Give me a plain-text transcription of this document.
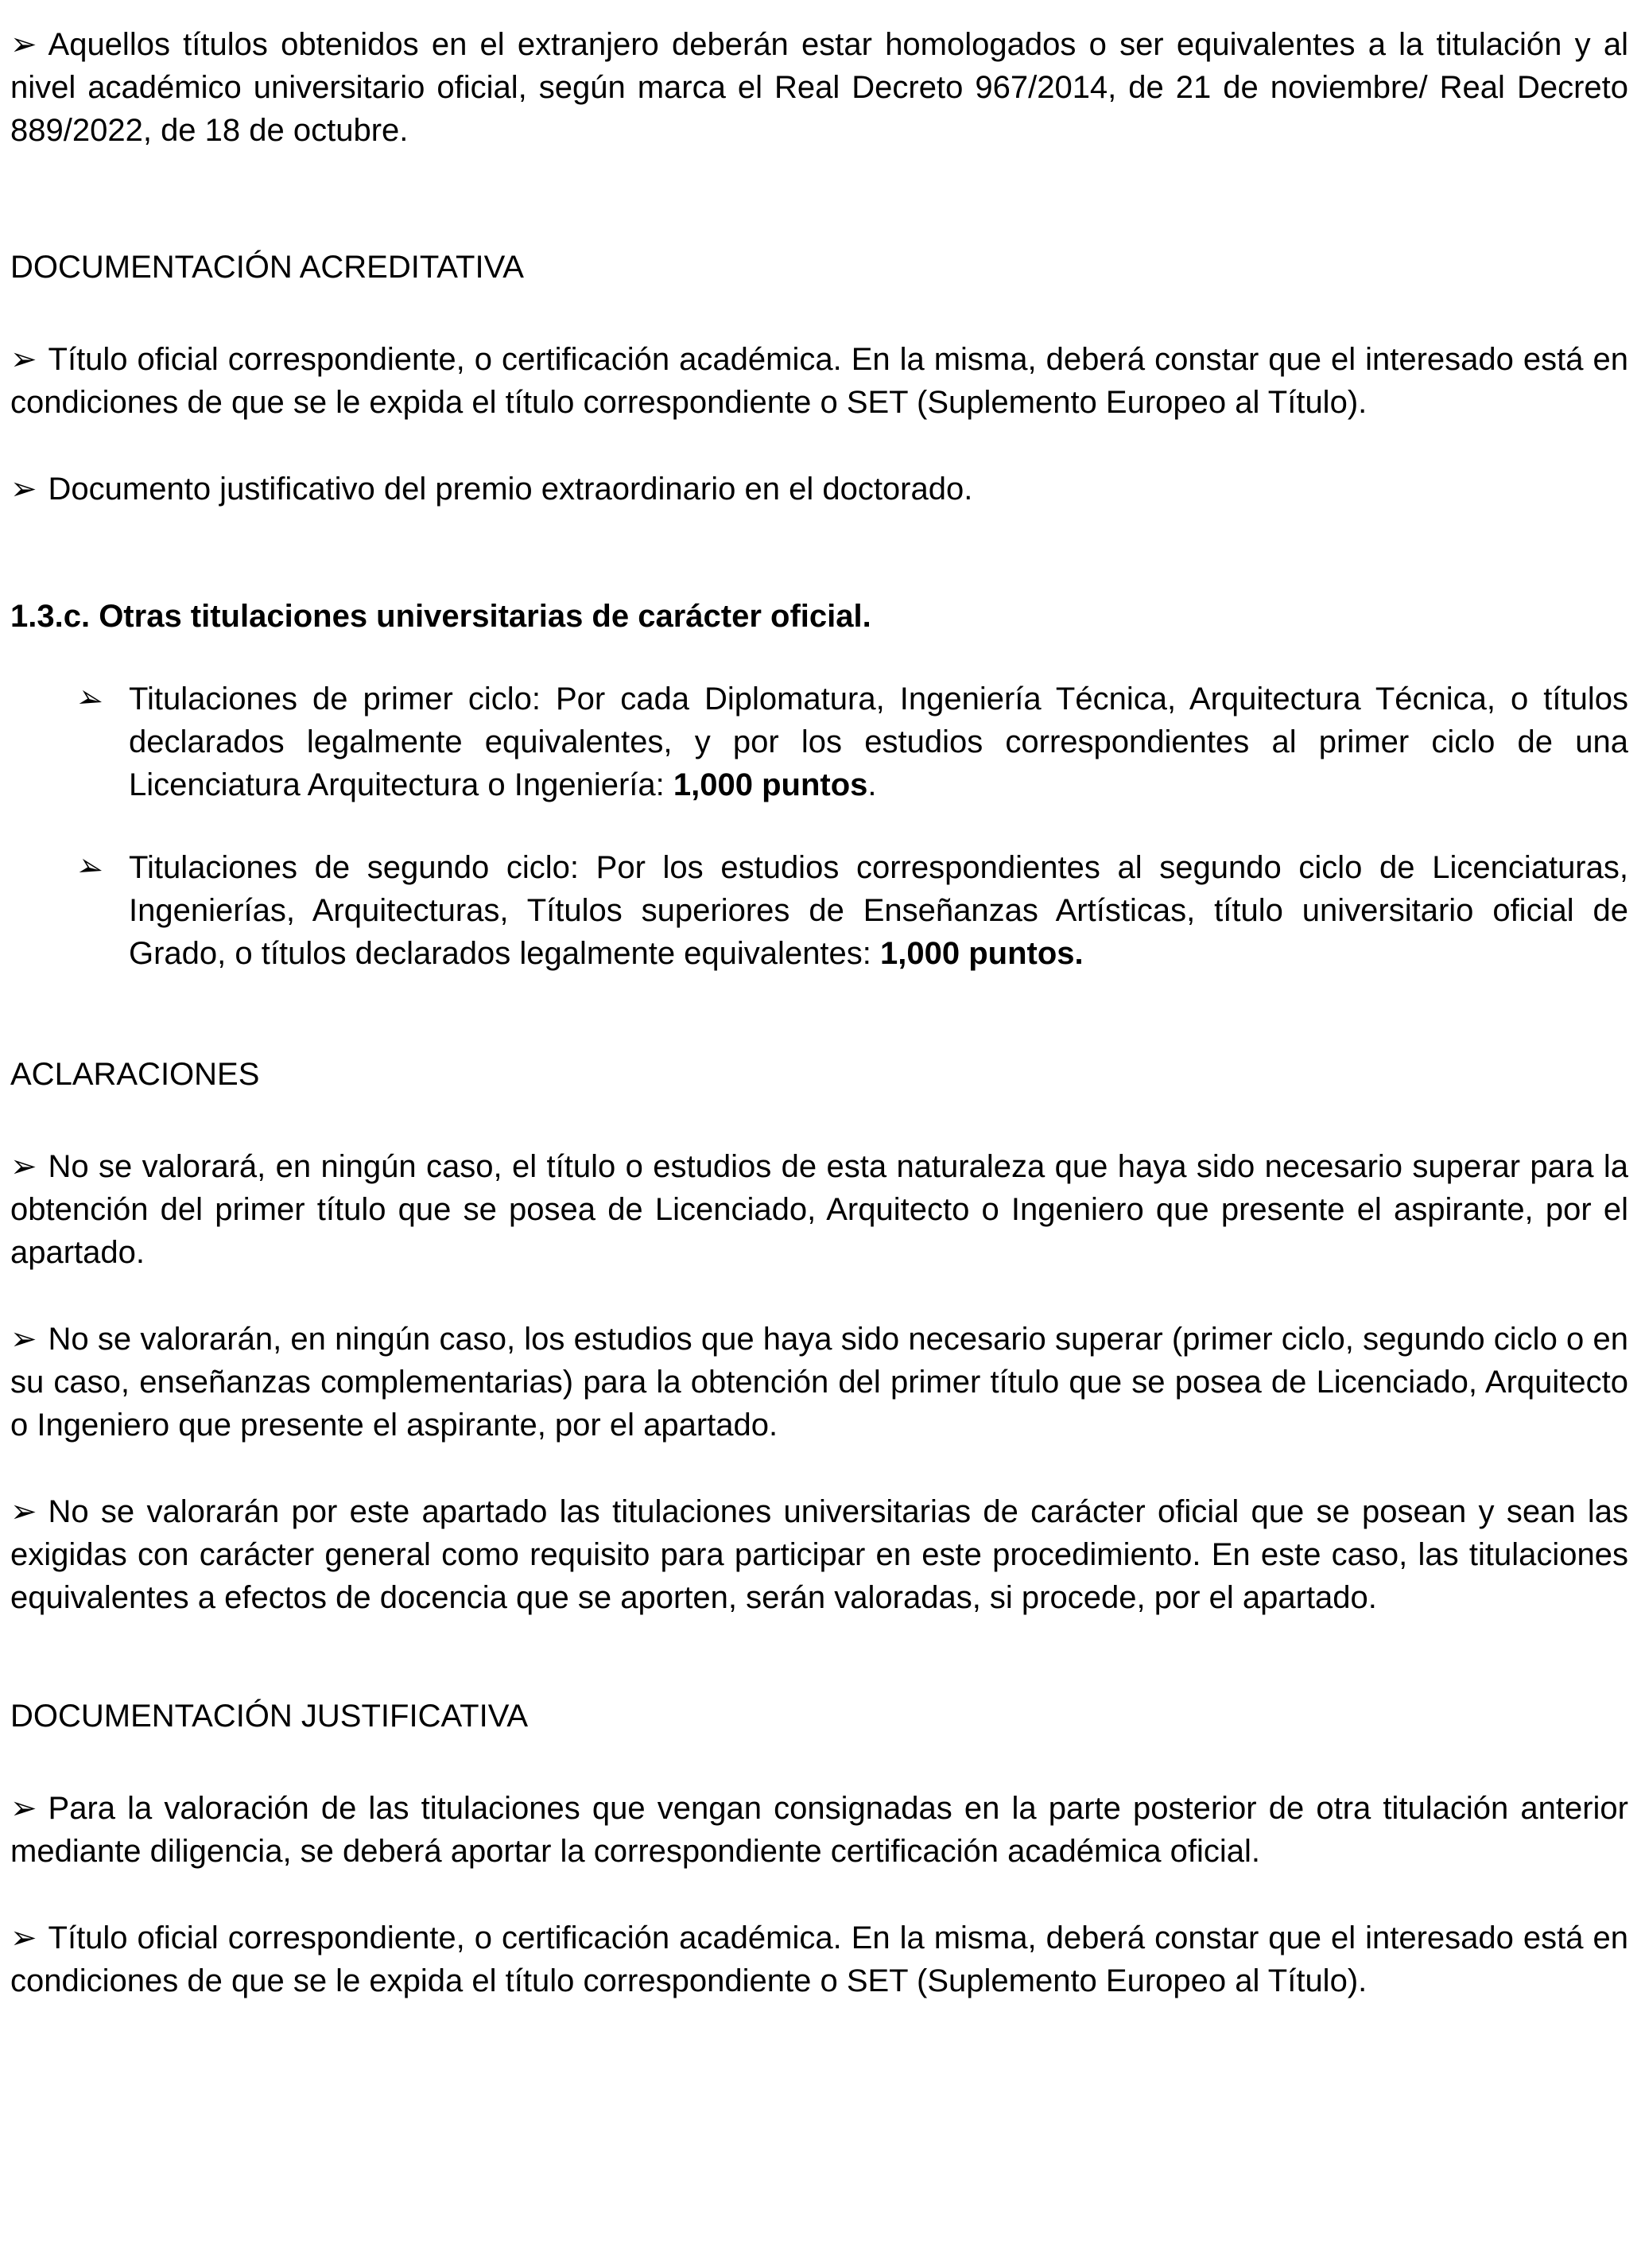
➢ Aquellos títulos obtenidos en el extranjero deberán estar homologados o ser equivalentes a la titulación y al nivel académico universitario oficial, según marca el Real Decreto 967/2014, de 21 de noviembre/ Real Decreto 889/2022, de 18 de octubre.

DOCUMENTACIÓN ACREDITATIVA

➢ Título oficial correspondiente, o certificación académica. En la misma, deberá constar que el interesado está en condiciones de que se le expida el título correspondiente o SET (Suplemento Europeo al Título).

➢ Documento justificativo del premio extraordinario en el doctorado.

1.3.c. Otras titulaciones universitarias de carácter oficial.
➢ Titulaciones de primer ciclo: Por cada Diplomatura, Ingeniería Técnica, Arquitectura Técnica, o títulos declarados legalmente equivalentes, y por los estudios correspondientes al primer ciclo de una Licenciatura Arquitectura o Ingeniería: 1,000 puntos.
➢ Titulaciones de segundo ciclo: Por los estudios correspondientes al segundo ciclo de Licenciaturas, Ingenierías, Arquitecturas, Títulos superiores de Enseñanzas Artísticas, título universitario oficial de Grado, o títulos declarados legalmente equivalentes: 1,000 puntos.
ACLARACIONES

➢ No se valorará, en ningún caso, el título o estudios de esta naturaleza que haya sido necesario superar para la obtención del primer título que se posea de Licenciado, Arquitecto o Ingeniero que presente el aspirante, por el apartado.

➢ No se valorarán, en ningún caso, los estudios que haya sido necesario superar (primer ciclo, segundo ciclo o en su caso, enseñanzas complementarias) para la obtención del primer título que se posea de Licenciado, Arquitecto o Ingeniero que presente el aspirante, por el apartado.

➢ No se valorarán por este apartado las titulaciones universitarias de carácter oficial que se posean y sean las exigidas con carácter general como requisito para participar en este procedimiento. En este caso, las titulaciones equivalentes a efectos de docencia que se aporten, serán valoradas, si procede, por el apartado.

DOCUMENTACIÓN JUSTIFICATIVA

➢ Para la valoración de las titulaciones que vengan consignadas en la parte posterior de otra titulación anterior mediante diligencia, se deberá aportar la correspondiente certificación académica oficial.

➢ Título oficial correspondiente, o certificación académica. En la misma, deberá constar que el interesado está en condiciones de que se le expida el título correspondiente o SET (Suplemento Europeo al Título).
